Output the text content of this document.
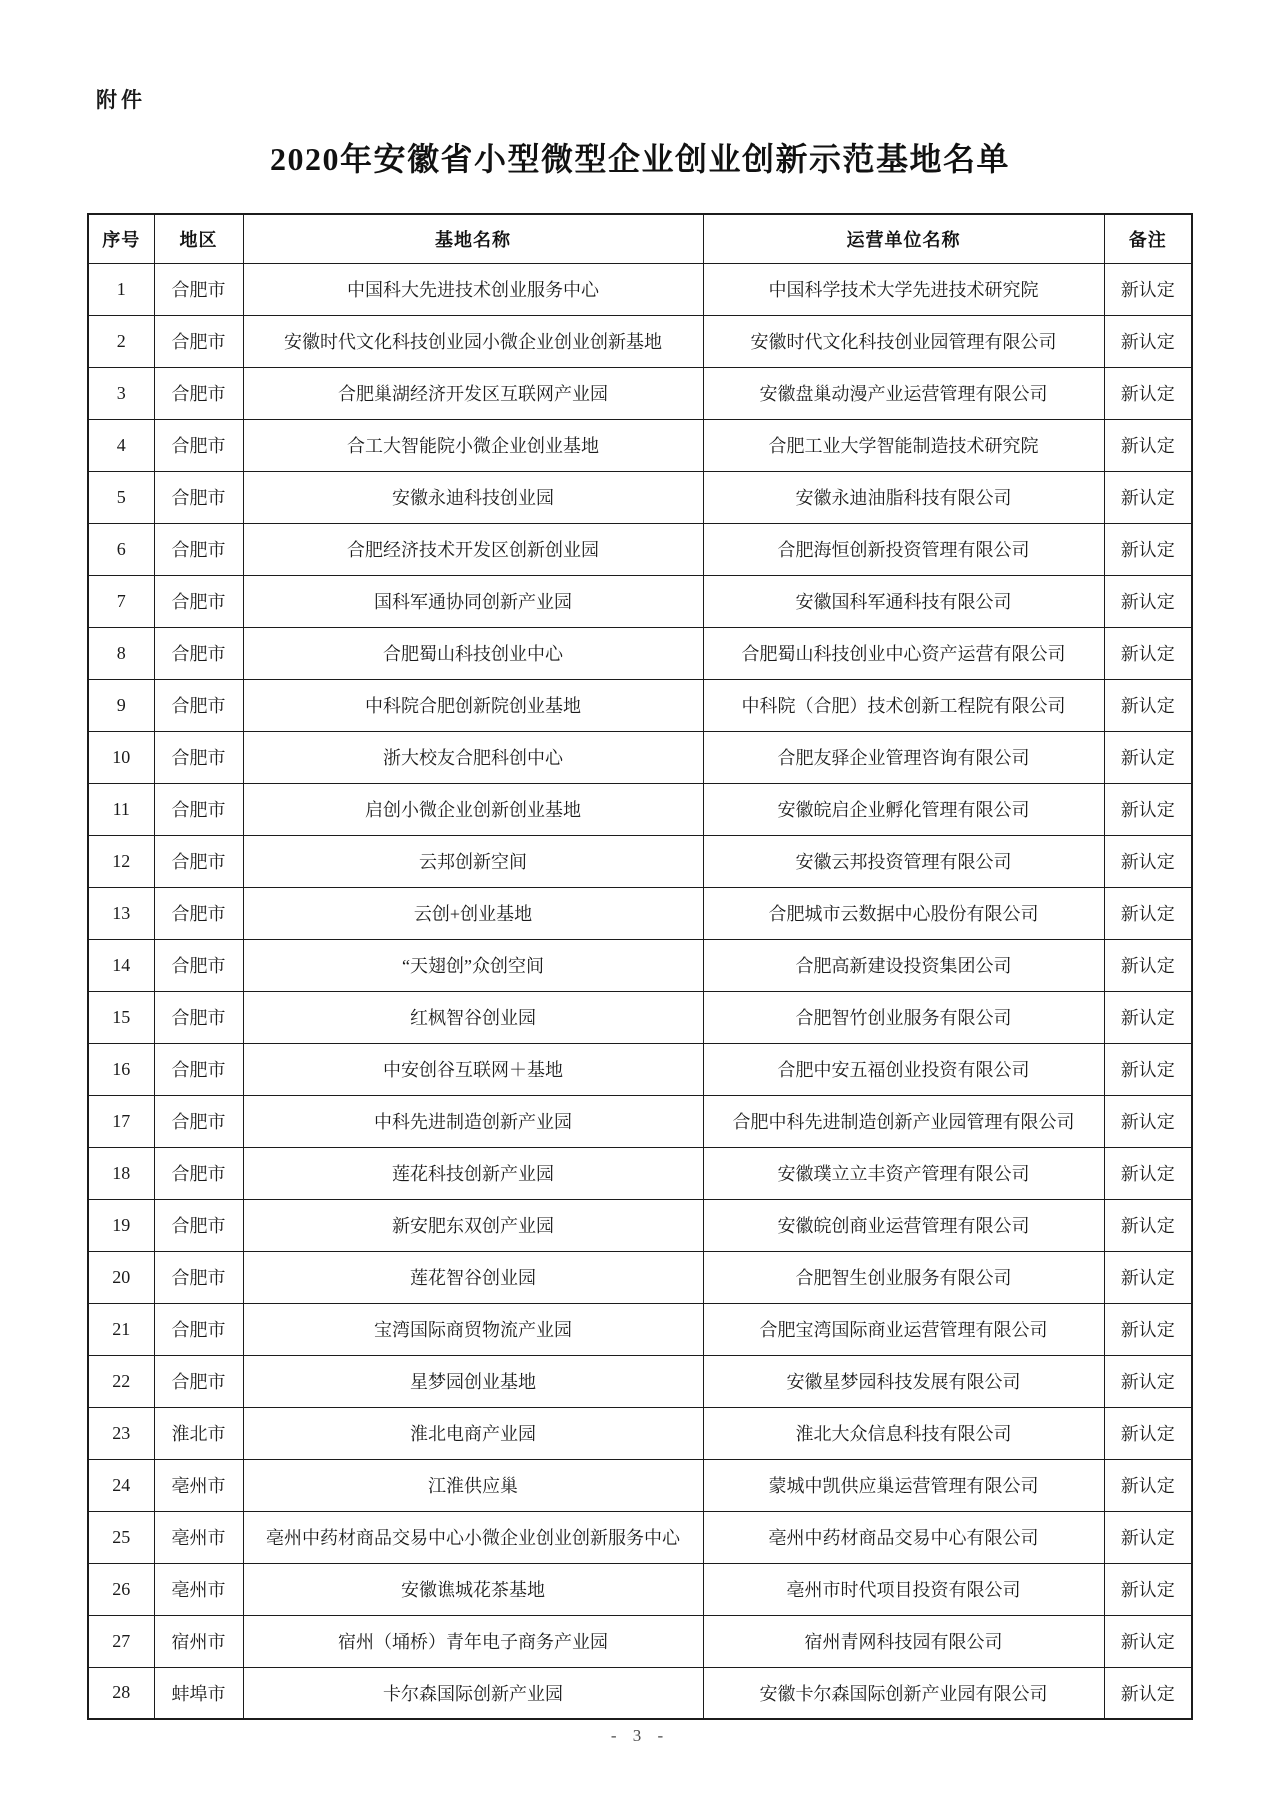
附件
2020年安徽省小型微型企业创业创新示范基地名单
序号	地区	基地名称	运营单位名称	备注
1	合肥市	中国科大先进技术创业服务中心	中国科学技术大学先进技术研究院	新认定
2	合肥市	安徽时代文化科技创业园小微企业创业创新基地	安徽时代文化科技创业园管理有限公司	新认定
3	合肥市	合肥巢湖经济开发区互联网产业园	安徽盘巢动漫产业运营管理有限公司	新认定
4	合肥市	合工大智能院小微企业创业基地	合肥工业大学智能制造技术研究院	新认定
5	合肥市	安徽永迪科技创业园	安徽永迪油脂科技有限公司	新认定
6	合肥市	合肥经济技术开发区创新创业园	合肥海恒创新投资管理有限公司	新认定
7	合肥市	国科军通协同创新产业园	安徽国科军通科技有限公司	新认定
8	合肥市	合肥蜀山科技创业中心	合肥蜀山科技创业中心资产运营有限公司	新认定
9	合肥市	中科院合肥创新院创业基地	中科院（合肥）技术创新工程院有限公司	新认定
10	合肥市	浙大校友合肥科创中心	合肥友驿企业管理咨询有限公司	新认定
11	合肥市	启创小微企业创新创业基地	安徽皖启企业孵化管理有限公司	新认定
12	合肥市	云邦创新空间	安徽云邦投资管理有限公司	新认定
13	合肥市	云创+创业基地	合肥城市云数据中心股份有限公司	新认定
14	合肥市	“天翅创”众创空间	合肥高新建设投资集团公司	新认定
15	合肥市	红枫智谷创业园	合肥智竹创业服务有限公司	新认定
16	合肥市	中安创谷互联网＋基地	合肥中安五福创业投资有限公司	新认定
17	合肥市	中科先进制造创新产业园	合肥中科先进制造创新产业园管理有限公司	新认定
18	合肥市	莲花科技创新产业园	安徽璞立立丰资产管理有限公司	新认定
19	合肥市	新安肥东双创产业园	安徽皖创商业运营管理有限公司	新认定
20	合肥市	莲花智谷创业园	合肥智生创业服务有限公司	新认定
21	合肥市	宝湾国际商贸物流产业园	合肥宝湾国际商业运营管理有限公司	新认定
22	合肥市	星梦园创业基地	安徽星梦园科技发展有限公司	新认定
23	淮北市	淮北电商产业园	淮北大众信息科技有限公司	新认定
24	亳州市	江淮供应巢	蒙城中凯供应巢运营管理有限公司	新认定
25	亳州市	亳州中药材商品交易中心小微企业创业创新服务中心	亳州中药材商品交易中心有限公司	新认定
26	亳州市	安徽谯城花茶基地	亳州市时代项目投资有限公司	新认定
27	宿州市	宿州（埇桥）青年电子商务产业园	宿州青网科技园有限公司	新认定
28	蚌埠市	卡尔森国际创新产业园	安徽卡尔森国际创新产业园有限公司	新认定
- 3 -
